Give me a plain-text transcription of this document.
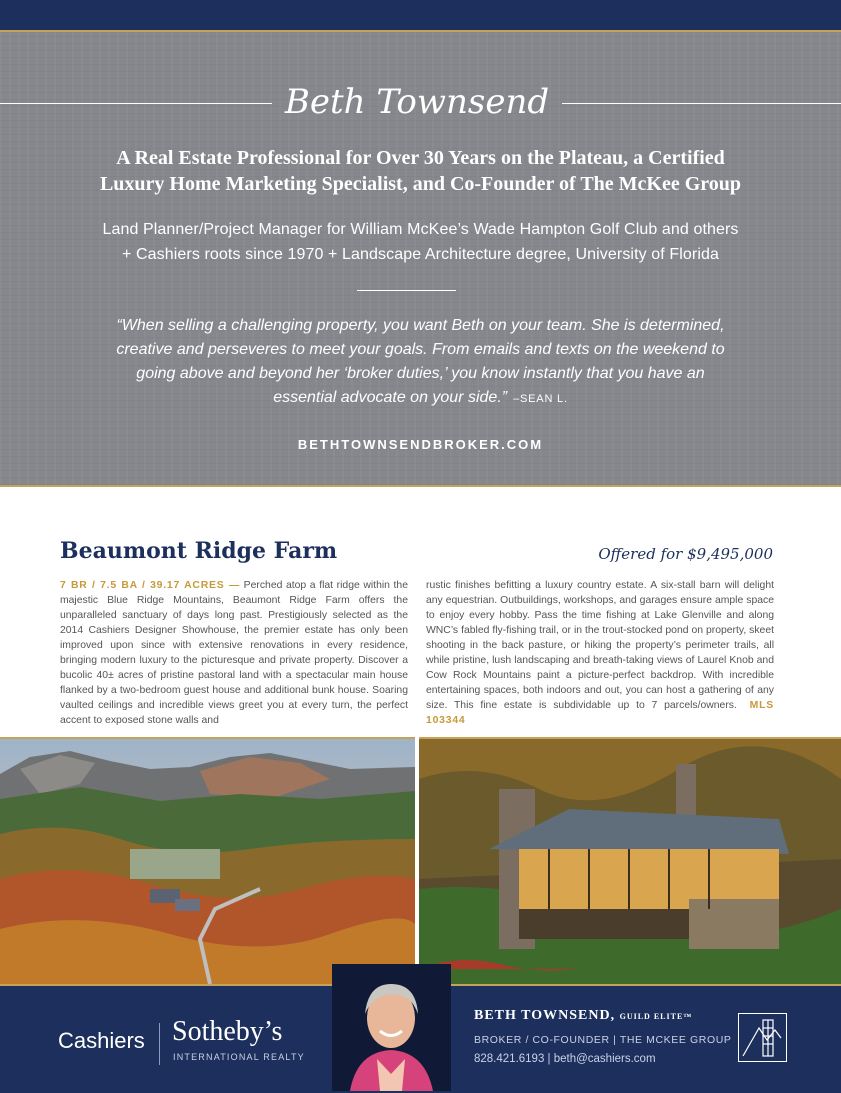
Beth Townsend
A Real Estate Professional for Over 30 Years on the Plateau, a Certified
Luxury Home Marketing Specialist, and Co-Founder of The McKee Group
Land Planner/Project Manager for William McKee’s Wade Hampton Golf Club and others
+ Cashiers roots since 1970 + Landscape Architecture degree, University of Florida
“When selling a challenging property, you want Beth on your team. She is determined,
creative and perseveres to meet your goals. From emails and texts on the weekend to
going above and beyond her ‘broker duties,’ you know instantly that you have an
essential advocate on your side.” –SEAN L.
BETHTOWNSENDBROKER.COM
Beaumont Ridge Farm	Offered for $9,495,000
7 BR / 7.5 BA / 39.17 ACRES — Perched atop a flat ridge within the majestic Blue Ridge Mountains, Beaumont Ridge Farm offers the unparalleled sanctuary of days long past. Prestigiously selected as the 2014 Cashiers Designer Showhouse, the premier estate has only been improved upon since with extensive renovations in every residence, bringing modern luxury to the picturesque and private property. Discover a bucolic 40± acres of pristine pastoral land with a spectacular main house flanked by a two-bedroom guest house and additional bunk house. Soaring vaulted ceilings and incredible views greet you at every turn, the perfect accent to exposed stone walls and
rustic finishes befitting a luxury country estate. A six-stall barn will delight any equestrian. Outbuildings, workshops, and garages ensure ample space to enjoy every hobby. Pass the time fishing at Lake Glenville and along WNC’s fabled fly-fishing trail, or in the trout-stocked pond on property, skeet shooting in the back pasture, or hiking the property’s perimeter trails, all while pristine, lush landscaping and breath-taking views of Laurel Knob and Cow Rock Mountains paint a picture-perfect backdrop. With incredible entertaining spaces, both indoors and out, you can host a gathering of any size. This fine estate is subdividable up to 7 parcels/owners. MLS 103344
Cashiers Sotheby’s
INTERNATIONAL REALTY
BETH TOWNSEND, GUILD ELITE™
BROKER / CO-FOUNDER | THE MCKEE GROUP
828.421.6193 | beth@cashiers.com
